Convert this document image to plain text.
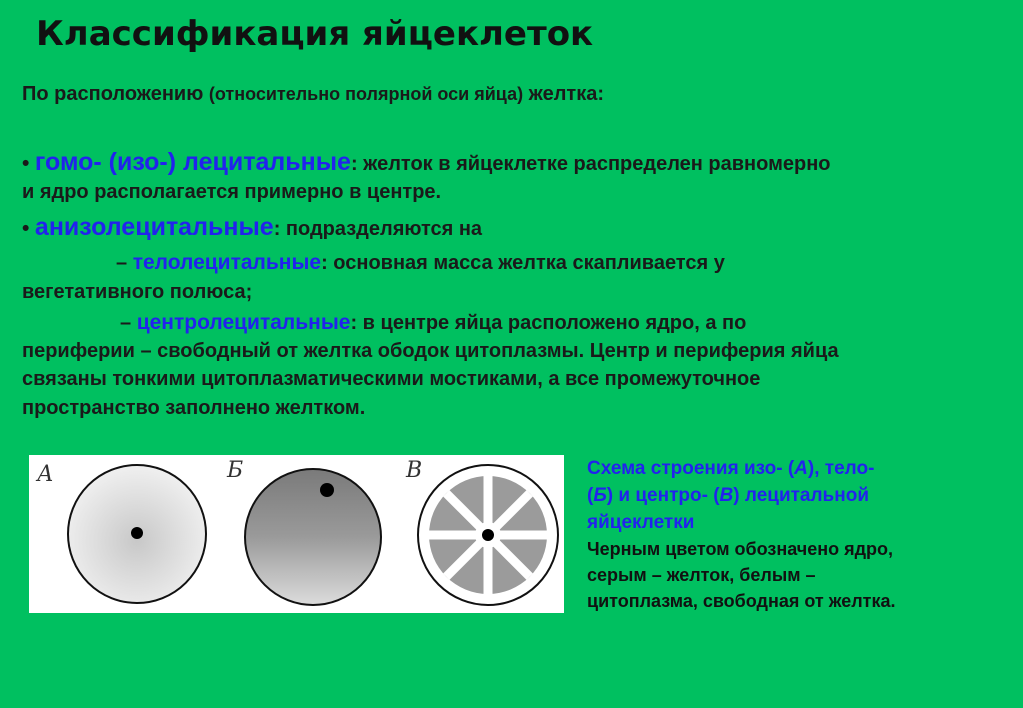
Классификация яйцеклеток
По расположению (относительно полярной оси яйца) желтка:
• гомо- (изо-) лецитальные: желток в яйцеклетке распределен равномерно
и ядро располагается примерно в центре.
• анизолецитальные: подразделяются на
– телолецитальные: основная масса желтка скапливается у
вегетативного полюса;
– центролецитальные: в центре яйца расположено ядро, а по
периферии – свободный от желтка ободок цитоплазмы. Центр и периферия яйца
связаны тонкими цитоплазматическими мостиками, а все промежуточное
пространство заполнено желтком.
А	Б	В	Схема строения изо- (А), тело-
(Б) и центро- (В) лецитальной
яйцеклетки
Черным цветом обозначено ядро,
серым – желток, белым –
цитоплазма, свободная от желтка.
